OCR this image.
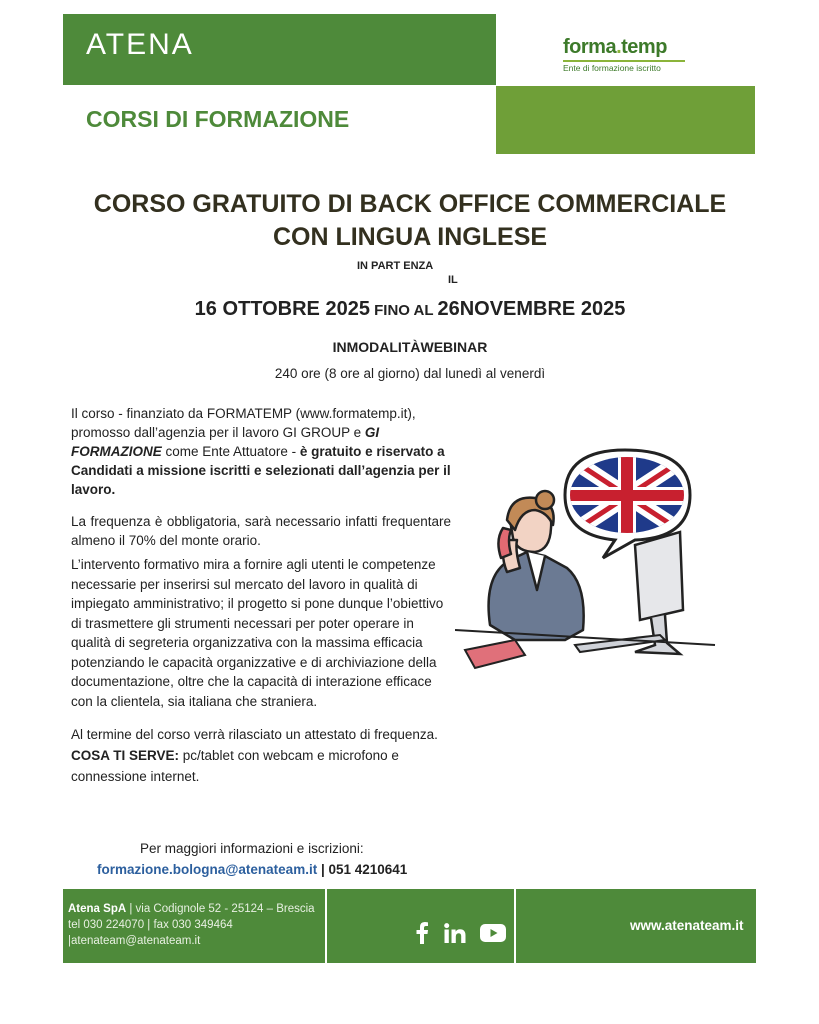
ATENA	forma.temp
Ente di formazione iscritto
CORSI DI FORMAZIONE
CORSO GRATUITO DI BACK OFFICE COMMERCIALE
CON LINGUA INGLESE
IN PART ENZA
IL
16 OTTOBRE 2025 FINO AL 26NOVEMBRE 2025
INMODALITÀWEBINAR
240 ore (8 ore al giorno) dal lunedì al venerdì

Il corso - finanziato da FORMATEMP (www.formatemp.it), promosso dall’agenzia per il lavoro GI GROUP e GI FORMAZIONE come Ente Attuatore - è gratuito e riservato a Candidati a missione iscritti e selezionati dall’agenzia per il lavoro.

La frequenza è obbligatoria, sarà necessario infatti frequentare almeno il 70% del monte orario.

L’intervento formativo mira a fornire agli utenti le competenze necessarie per inserirsi sul mercato del lavoro in qualità di impiegato amministrativo; il progetto si pone dunque l’obiettivo di trasmettere gli strumenti necessari per poter operare in qualità di segreteria organizzativa con la massima efficacia potenziando le capacità organizzative e di archiviazione della documentazione, oltre che la capacità di interazione efficace con la clientela, sia italiana che straniera.

Al termine del corso verrà rilasciato un attestato di frequenza.

COSA TI SERVE: pc/tablet con webcam e microfono e connessione internet.

Per maggiori informazioni e iscrizioni:
formazione.bologna@atenateam.it | 051 4210641
Atena SpA | via Codignole 52 - 25124 – Brescia tel 030 224070 | fax 030 349464 |atenateam@atenateam.it
www.atenateam.it
